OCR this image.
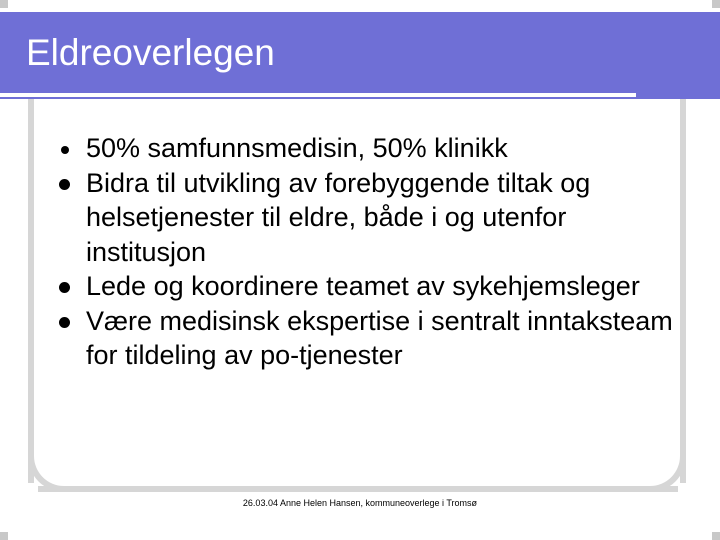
Eldreoverlegen
50% samfunnsmedisin, 50% klinikk
Bidra til utvikling av forebyggende tiltak og helsetjenester til eldre, både i og utenfor institusjon
Lede og koordinere teamet av sykehjemsleger
Være medisinsk ekspertise i sentralt inntaksteam for tildeling av po-tjenester
26.03.04 Anne Helen Hansen, kommuneoverlege i Tromsø
